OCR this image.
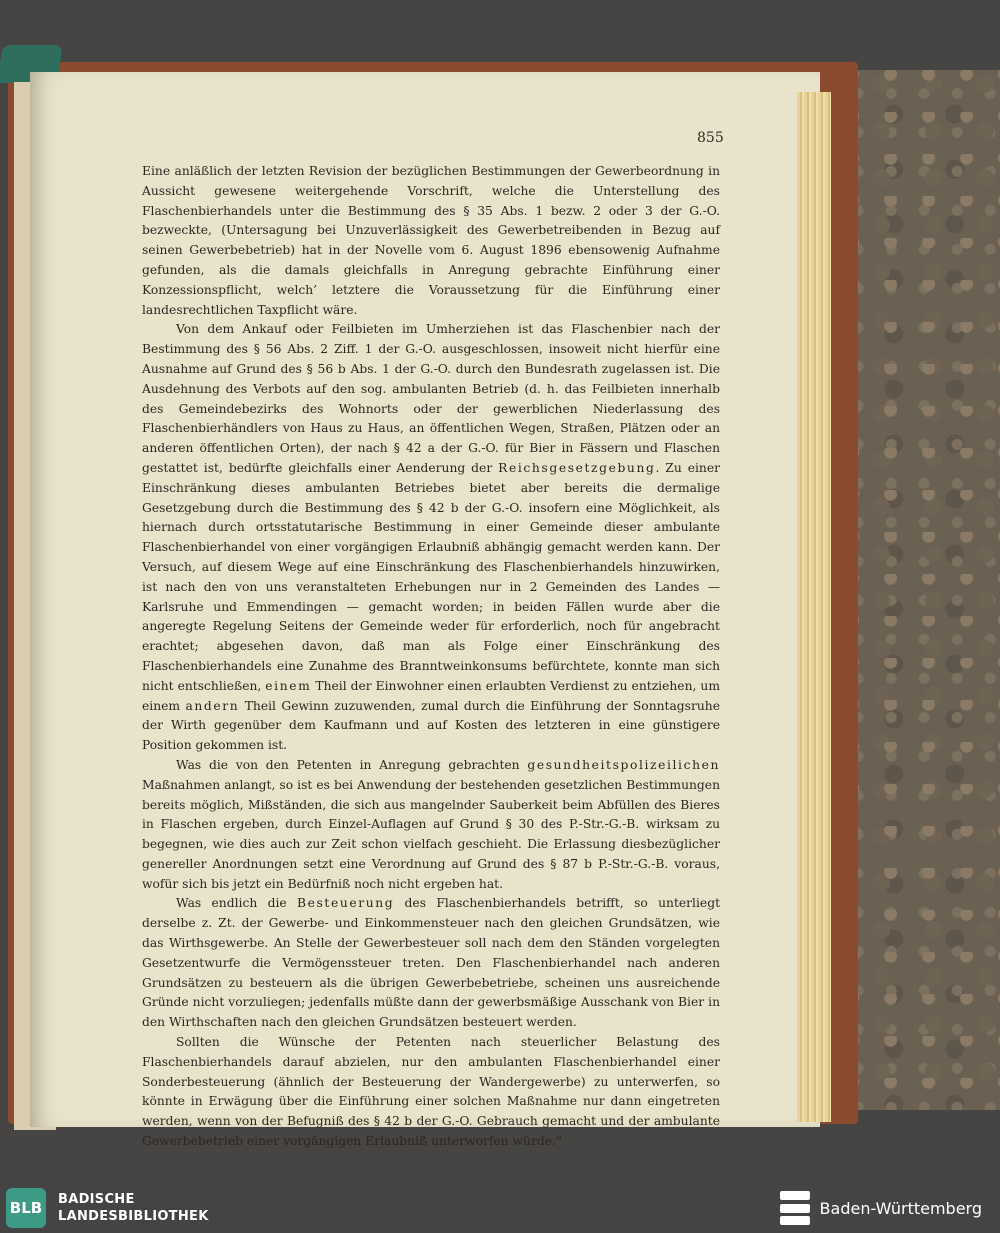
855

Eine anläßlich der letzten Revision der bezüglichen Bestimmungen der Gewerbeordnung in Aussicht gewesene weitergehende Vorschrift, welche die Unterstellung des Flaschenbierhandels unter die Bestimmung des § 35 Abs. 1 bezw. 2 oder 3 der G.-O. bezweckte, (Untersagung bei Unzuverlässigkeit des Gewerbetreibenden in Bezug auf seinen Gewerbebetrieb) hat in der Novelle vom 6. August 1896 ebensowenig Aufnahme gefunden, als die damals gleichfalls in Anregung gebrachte Einführung einer Konzessionspflicht, welch’ letztere die Voraussetzung für die Einführung einer landesrechtlichen Taxpflicht wäre.

Von dem Ankauf oder Feilbieten im Umherziehen ist das Flaschenbier nach der Bestimmung des § 56 Abs. 2 Ziff. 1 der G.-O. ausgeschlossen, insoweit nicht hierfür eine Ausnahme auf Grund des § 56 b Abs. 1 der G.-O. durch den Bundesrath zugelassen ist. Die Ausdehnung des Verbots auf den sog. ambulanten Betrieb (d. h. das Feilbieten innerhalb des Gemeindebezirks des Wohnorts oder der gewerblichen Niederlassung des Flaschenbierhändlers von Haus zu Haus, an öffentlichen Wegen, Straßen, Plätzen oder an anderen öffentlichen Orten), der nach § 42 a der G.-O. für Bier in Fässern und Flaschen gestattet ist, bedürfte gleichfalls einer Aenderung der Reichsgesetzgebung. Zu einer Einschränkung dieses ambulanten Betriebes bietet aber bereits die dermalige Gesetzgebung durch die Bestimmung des § 42 b der G.-O. insofern eine Möglichkeit, als hiernach durch ortsstatutarische Bestimmung in einer Gemeinde dieser ambulante Flaschenbierhandel von einer vorgängigen Erlaubniß abhängig gemacht werden kann. Der Versuch, auf diesem Wege auf eine Einschränkung des Flaschenbierhandels hinzuwirken, ist nach den von uns veranstalteten Erhebungen nur in 2 Gemeinden des Landes — Karlsruhe und Emmendingen — gemacht worden; in beiden Fällen wurde aber die angeregte Regelung Seitens der Gemeinde weder für erforderlich, noch für angebracht erachtet; abgesehen davon, daß man als Folge einer Einschränkung des Flaschenbierhandels eine Zunahme des Branntweinkonsums befürchtete, konnte man sich nicht entschließen, einem Theil der Einwohner einen erlaubten Verdienst zu entziehen, um einem andern Theil Gewinn zuzuwenden, zumal durch die Einführung der Sonntagsruhe der Wirth gegenüber dem Kaufmann und auf Kosten des letzteren in eine günstigere Position gekommen ist.

Was die von den Petenten in Anregung gebrachten gesundheitspolizeilichen Maßnahmen anlangt, so ist es bei Anwendung der bestehenden gesetzlichen Bestimmungen bereits möglich, Mißständen, die sich aus mangelnder Sauberkeit beim Abfüllen des Bieres in Flaschen ergeben, durch Einzel-Auflagen auf Grund § 30 des P.-Str.-G.-B. wirksam zu begegnen, wie dies auch zur Zeit schon vielfach geschieht. Die Erlassung diesbezüglicher genereller Anordnungen setzt eine Verordnung auf Grund des § 87 b P.-Str.-G.-B. voraus, wofür sich bis jetzt ein Bedürfniß noch nicht ergeben hat.

Was endlich die Besteuerung des Flaschenbierhandels betrifft, so unterliegt derselbe z. Zt. der Gewerbe- und Einkommensteuer nach den gleichen Grundsätzen, wie das Wirthsgewerbe. An Stelle der Gewerbesteuer soll nach dem den Ständen vorgelegten Gesetzentwurfe die Vermögenssteuer treten. Den Flaschenbierhandel nach anderen Grundsätzen zu besteuern als die übrigen Gewerbebetriebe, scheinen uns ausreichende Gründe nicht vorzuliegen; jedenfalls müßte dann der gewerbsmäßige Ausschank von Bier in den Wirthschaften nach den gleichen Grundsätzen besteuert werden.

Sollten die Wünsche der Petenten nach steuerlicher Belastung des Flaschenbierhandels darauf abzielen, nur den ambulanten Flaschenbierhandel einer Sonderbesteuerung (ähnlich der Besteuerung der Wandergewerbe) zu unterwerfen, so könnte in Erwägung über die Einführung einer solchen Maßnahme nur dann eingetreten werden, wenn von der Befugniß des § 42 b der G.-O. Gebrauch gemacht und der ambulante Gewerbebetrieb einer vorgängigen Erlaubniß unterworfen würde.“

BLB BADISCHE
LANDESBIBLIOTHEK	Baden-Württemberg
